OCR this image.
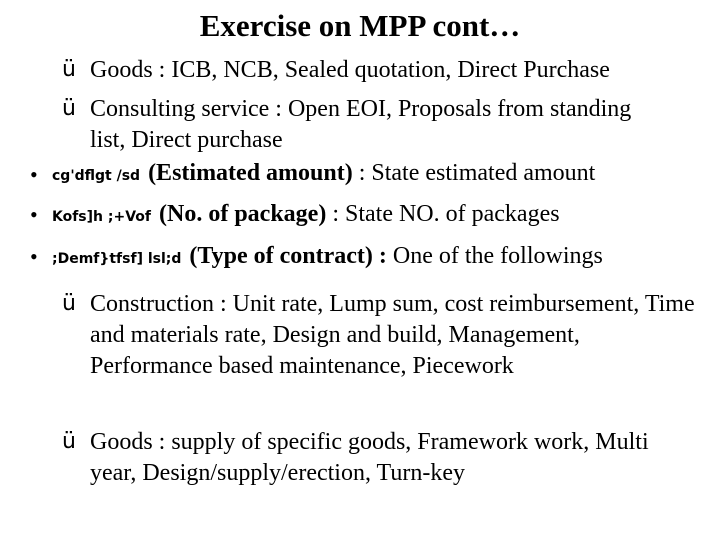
Exercise on MPP cont…
ü Goods : ICB, NCB, Sealed quotation, Direct Purchase
ü Consulting service : Open EOI, Proposals from standing list, Direct purchase
• cg'dflgt /sd (Estimated amount) : State estimated amount
• Kofs]h ;+Vof (No. of package) : State NO. of packages
• ;Demf}tfsf] lsl;d (Type of contract) : One of the followings
ü Construction : Unit rate, Lump sum, cost reimbursement, Time and materials rate, Design and build, Management, Performance based maintenance, Piecework
ü Goods : supply of specific goods, Framework work, Multi year, Design/supply/erection, Turn-key
